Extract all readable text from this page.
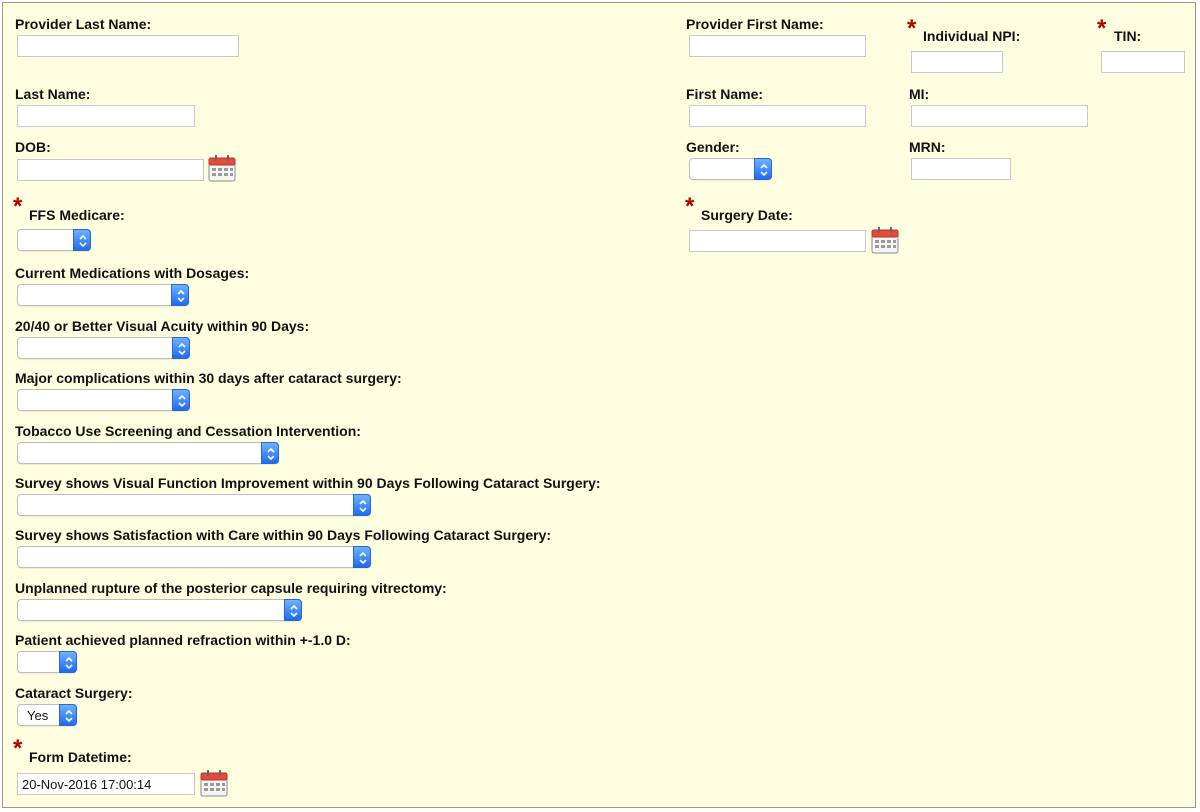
Provider Last Name:	Provider First Name:	* Individual NPI:	* TIN:
Last Name:	First Name:	MI:
DOB:	Gender:	MRN:
* FFS Medicare:	* Surgery Date:
Current Medications with Dosages:
20/40 or Better Visual Acuity within 90 Days:
Major complications within 30 days after cataract surgery:
Tobacco Use Screening and Cessation Intervention:
Survey shows Visual Function Improvement within 90 Days Following Cataract Surgery:
Survey shows Satisfaction with Care within 90 Days Following Cataract Surgery:
Unplanned rupture of the posterior capsule requiring vitrectomy:
Patient achieved planned refraction within +-1.0 D:
Cataract Surgery:
Yes
* Form Datetime:
20-Nov-2016 17:00:14
